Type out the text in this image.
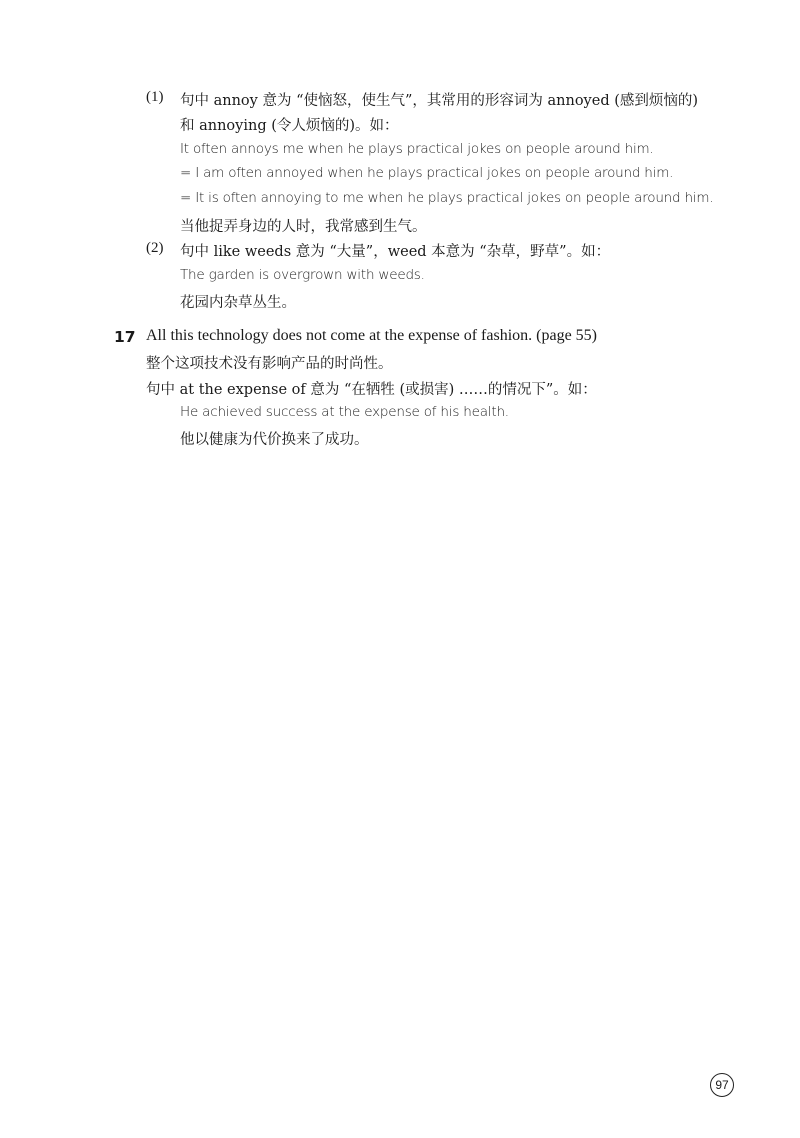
(1) 句中 annoy 意为 “使恼怒，使生气”，其常用的形容词为 annoyed (感到烦恼的)
和 annoying (令人烦恼的)。如：
It often annoys me when he plays practical jokes on people around him.
= I am often annoyed when he plays practical jokes on people around him.
= It is often annoying to me when he plays practical jokes on people around him.
当他捉弄身边的人时，我常感到生气。
(2) 句中 like weeds 意为 “大量”，weed 本意为 “杂草，野草”。如：
The garden is overgrown with weeds.
花园内杂草丛生。
17 All this technology does not come at the expense of fashion. (page 55)
整个这项技术没有影响产品的时尚性。
句中 at the expense of 意为 “在牺牲 (或损害) ……的情况下”。如：
He achieved success at the expense of his health.
他以健康为代价换来了成功。
97
